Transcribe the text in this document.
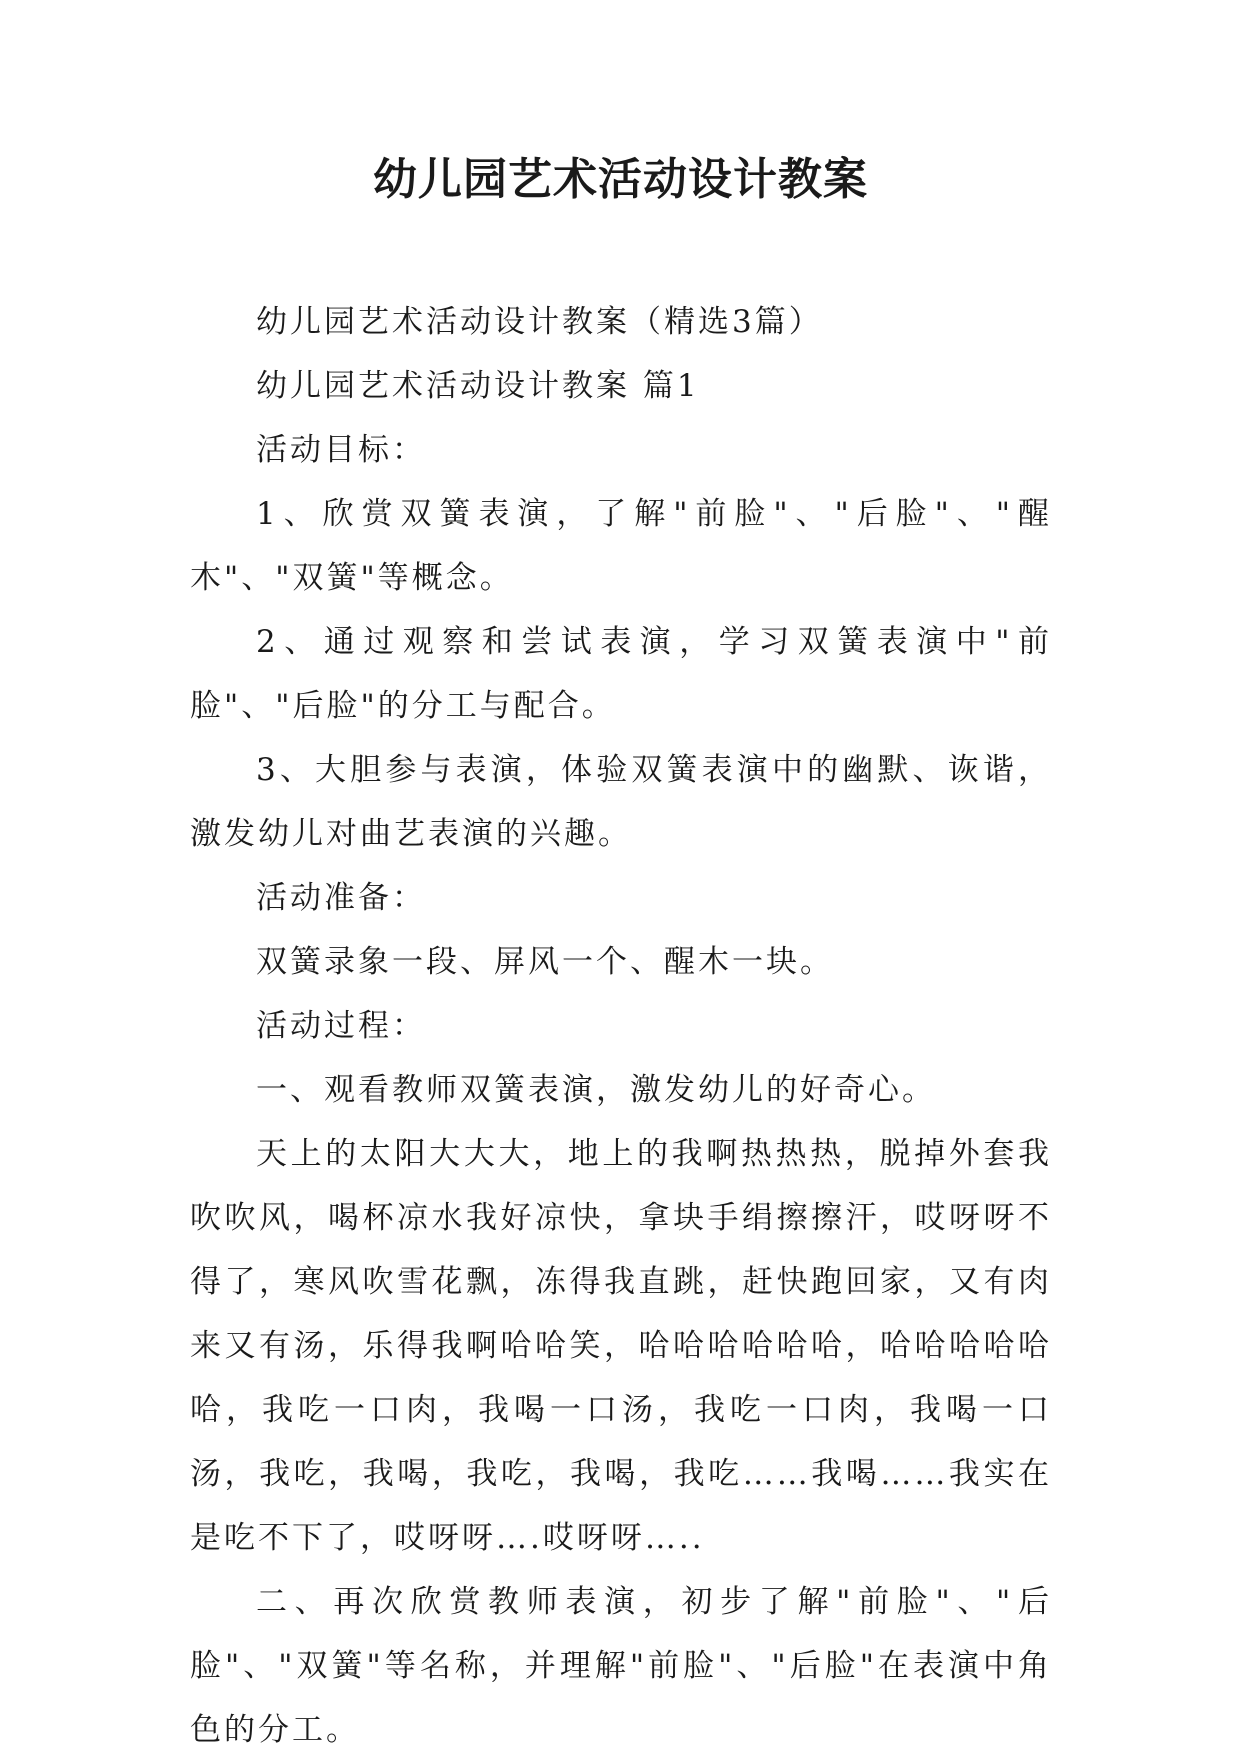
幼儿园艺术活动设计教案

幼儿园艺术活动设计教案（精选3篇）

幼儿园艺术活动设计教案 篇1

活动目标：

1、欣赏双簧表演，了解"前脸"、"后脸"、"醒木"、"双簧"等概念。

2、通过观察和尝试表演，学习双簧表演中"前脸"、"后脸"的分工与配合。

3、大胆参与表演，体验双簧表演中的幽默、诙谐，激发幼儿对曲艺表演的兴趣。

活动准备：

双簧录象一段、屏风一个、醒木一块。

活动过程：

一、观看教师双簧表演，激发幼儿的好奇心。

天上的太阳大大大，地上的我啊热热热，脱掉外套我吹吹风，喝杯凉水我好凉快，拿块手绢擦擦汗，哎呀呀不得了，寒风吹雪花飘，冻得我直跳，赶快跑回家，又有肉来又有汤，乐得我啊哈哈笑，哈哈哈哈哈哈，哈哈哈哈哈哈，我吃一口肉，我喝一口汤，我吃一口肉，我喝一口汤，我吃，我喝，我吃，我喝，我吃……我喝……我实在是吃不下了，哎呀呀….哎呀呀…..

二、再次欣赏教师表演，初步了解"前脸"、"后脸"、"双簧"等名称，并理解"前脸"、"后脸"在表演中角色的分工。
